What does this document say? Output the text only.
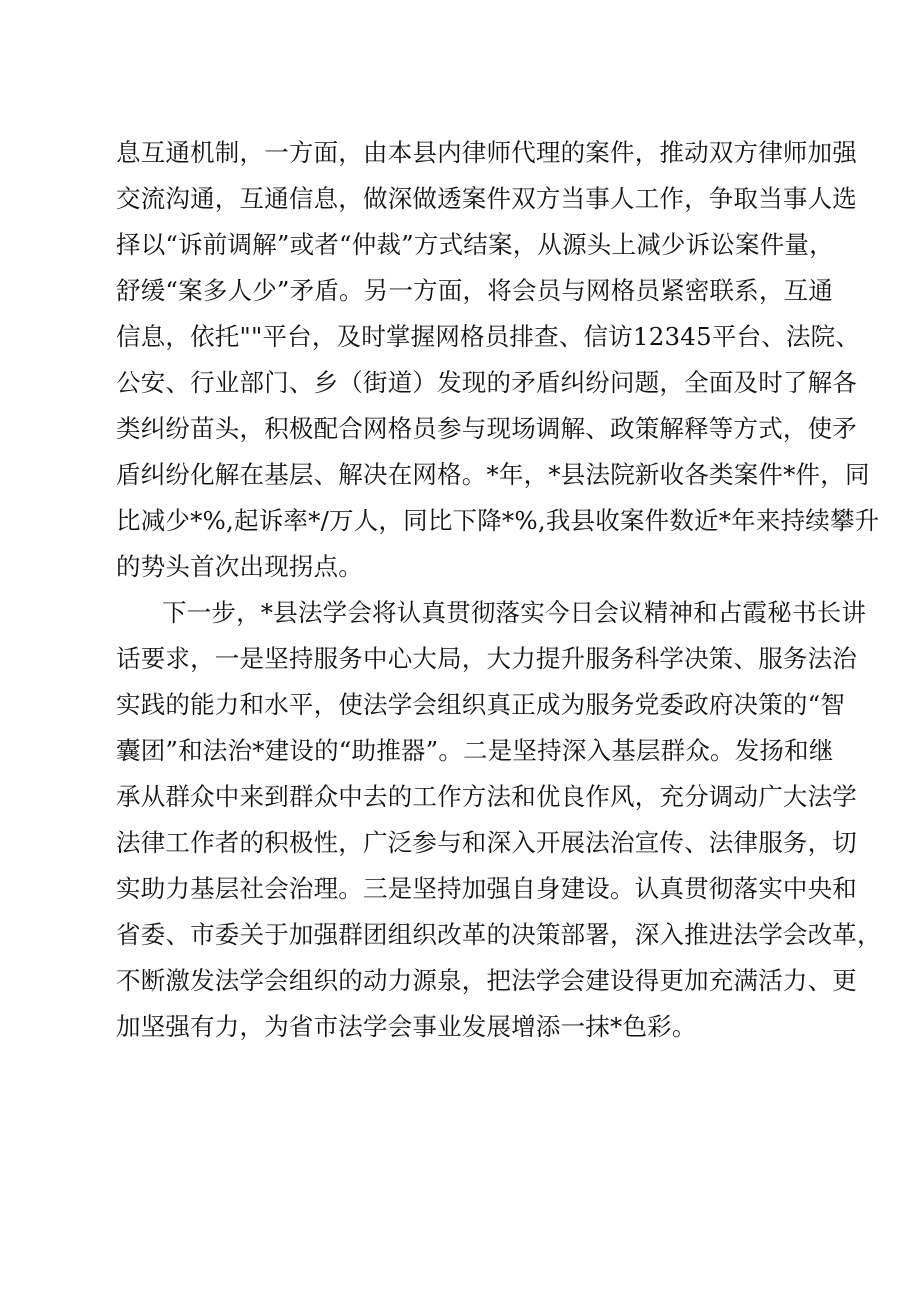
息互通机制，一方面，由本县内律师代理的案件，推动双方律师加强
交流沟通，互通信息，做深做透案件双方当事人工作，争取当事人选
择以“诉前调解”或者“仲裁”方式结案，从源头上减少诉讼案件量，
舒缓“案多人少”矛盾。另一方面，将会员与网格员紧密联系，互通
信息，依托""平台，及时掌握网格员排查、信访12345平台、法院、
公安、行业部门、乡（街道）发现的矛盾纠纷问题，全面及时了解各
类纠纷苗头，积极配合网格员参与现场调解、政策解释等方式，使矛
盾纠纷化解在基层、解决在网格。*年，*县法院新收各类案件*件，同
比减少*%,起诉率*/万人，同比下降*%,我县收案件数近*年来持续攀升
的势头首次出现拐点。
下一步，*县法学会将认真贯彻落实今日会议精神和占霞秘书长讲
话要求，一是坚持服务中心大局，大力提升服务科学决策、服务法治
实践的能力和水平，使法学会组织真正成为服务党委政府决策的“智
囊团”和法治*建设的“助推器”。二是坚持深入基层群众。发扬和继
承从群众中来到群众中去的工作方法和优良作风，充分调动广大法学
法律工作者的积极性，广泛参与和深入开展法治宣传、法律服务，切
实助力基层社会治理。三是坚持加强自身建设。认真贯彻落实中央和
省委、市委关于加强群团组织改革的决策部署，深入推进法学会改革，
不断激发法学会组织的动力源泉，把法学会建设得更加充满活力、更
加坚强有力，为省市法学会事业发展增添一抹*色彩。
